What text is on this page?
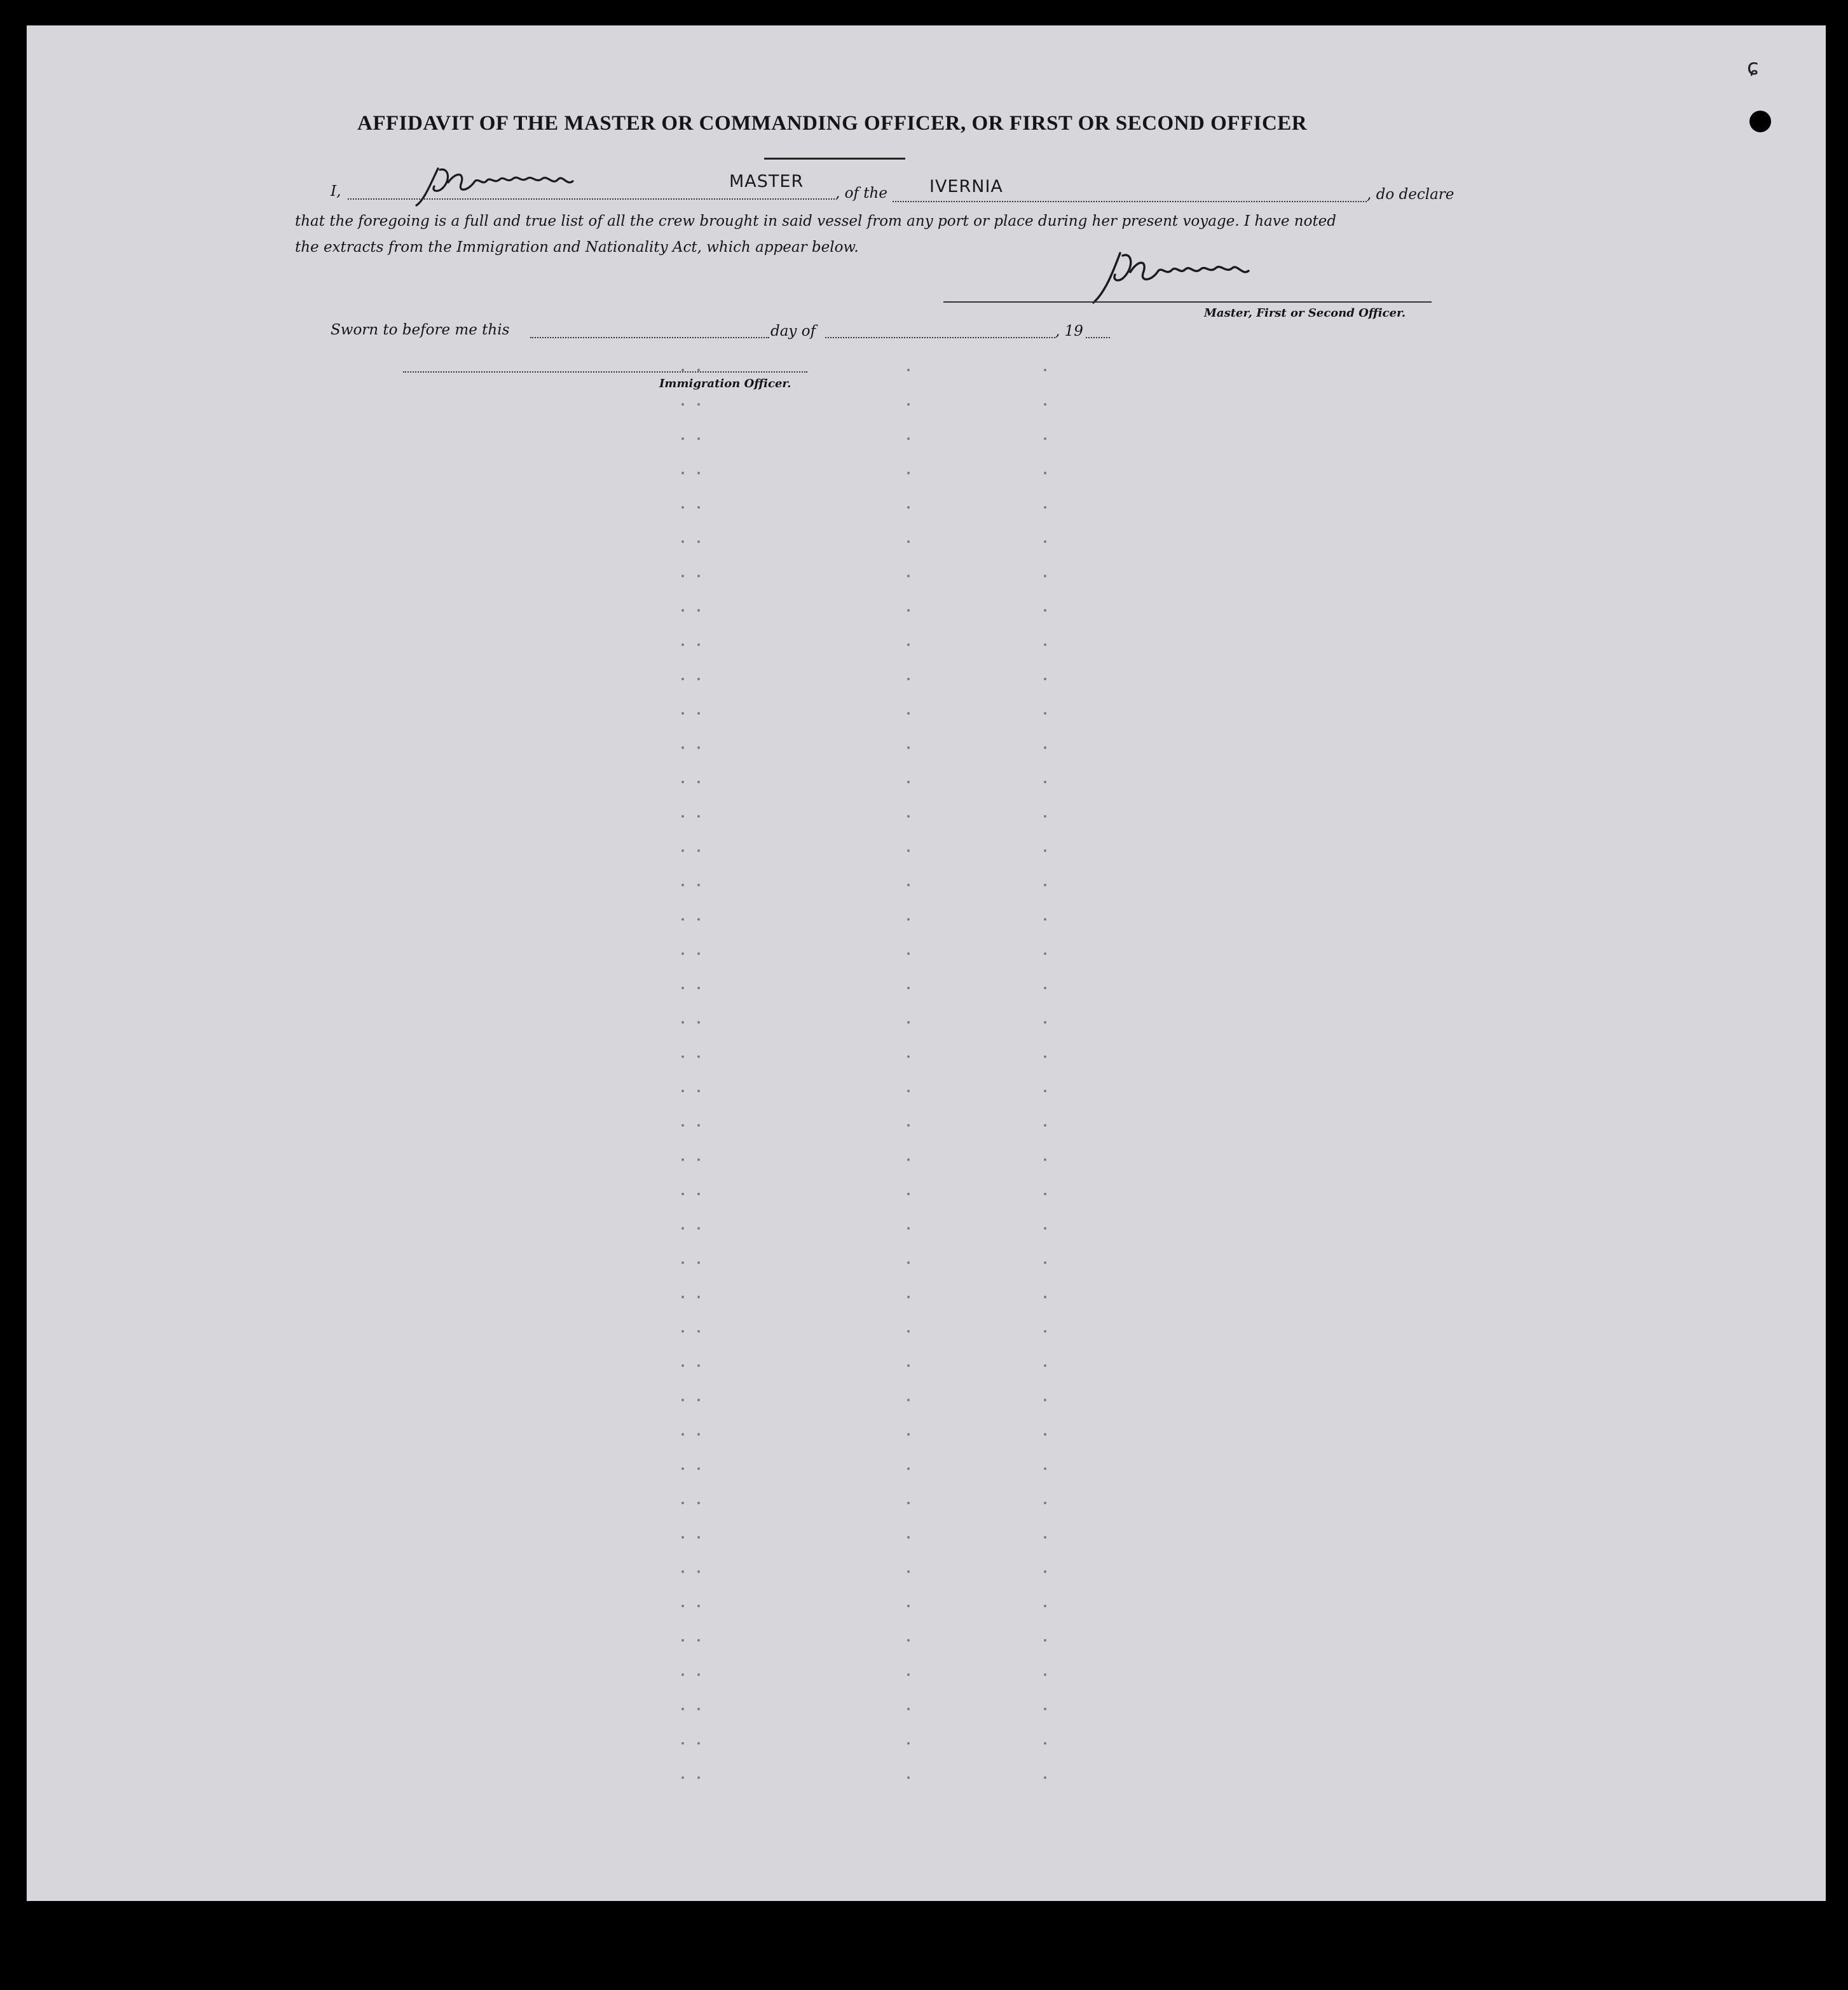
AFFIDAVIT OF THE MASTER OR COMMANDING OFFICER, OR FIRST OR SECOND OFFICER
I,	MASTER
, of the IVERNIA	, do declare
that the foregoing is a full and true list of all the crew brought in said vessel from any port or place during her present voyage. I have noted
the extracts from the Immigration and Nationality Act, which appear below.
Master, First or Second Officer.
Sworn to before me this	day of	, 19
Immigration Officer.
ɕ
